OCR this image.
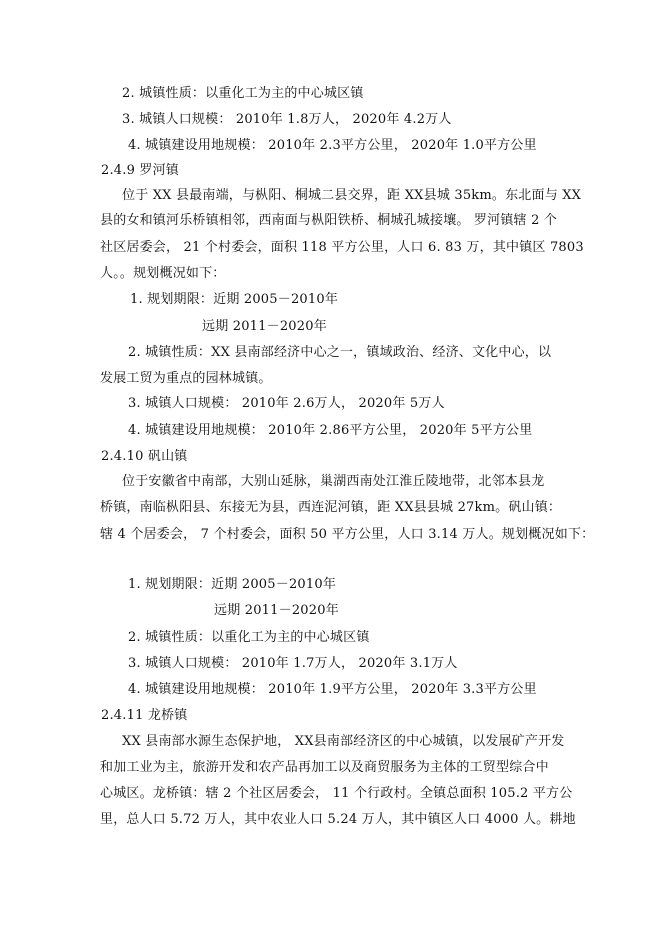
2. 城镇性质：以重化工为主的中心城区镇
3. 城镇人口规模： 2010年 1.8万人， 2020年 4.2万人
4. 城镇建设用地规模： 2010年 2.3平方公里， 2020年 1.0平方公里
2.4.9 罗河镇
位于 XX 县最南端，与枞阳、桐城二县交界，距 XX县城 35km。东北面与 XX
县的女和镇河乐桥镇相邻，西南面与枞阳铁桥、桐城孔城接壤。 罗河镇辖 2 个
社区居委会， 21 个村委会，面积 118 平方公里，人口 6. 83 万，其中镇区 7803
人。。规划概况如下：
1. 规划期限：近期 2005－2010年
远期 2011－2020年
2. 城镇性质：XX 县南部经济中心之一，镇域政治、经济、文化中心，以
发展工贸为重点的园林城镇。
3. 城镇人口规模： 2010年 2.6万人， 2020年 5万人
4. 城镇建设用地规模： 2010年 2.86平方公里， 2020年 5平方公里
2.4.10 矾山镇
位于安徽省中南部，大别山延脉，巢湖西南处江淮丘陵地带，北邻本县龙
桥镇，南临枞阳县、东接无为县，西连泥河镇，距 XX县县城 27km。矾山镇：
辖 4 个居委会， 7 个村委会，面积 50 平方公里，人口 3.14 万人。规划概况如下：
1. 规划期限：近期 2005－2010年
远期 2011－2020年
2. 城镇性质：以重化工为主的中心城区镇
3. 城镇人口规模： 2010年 1.7万人， 2020年 3.1万人
4. 城镇建设用地规模： 2010年 1.9平方公里， 2020年 3.3平方公里
2.4.11 龙桥镇
XX 县南部水源生态保护地， XX县南部经济区的中心城镇，以发展矿产开发
和加工业为主，旅游开发和农产品再加工以及商贸服务为主体的工贸型综合中
心城区。龙桥镇：辖 2 个社区居委会， 11 个行政村。全镇总面积 105.2 平方公
里，总人口 5.72 万人，其中农业人口 5.24 万人，其中镇区人口 4000 人。耕地
